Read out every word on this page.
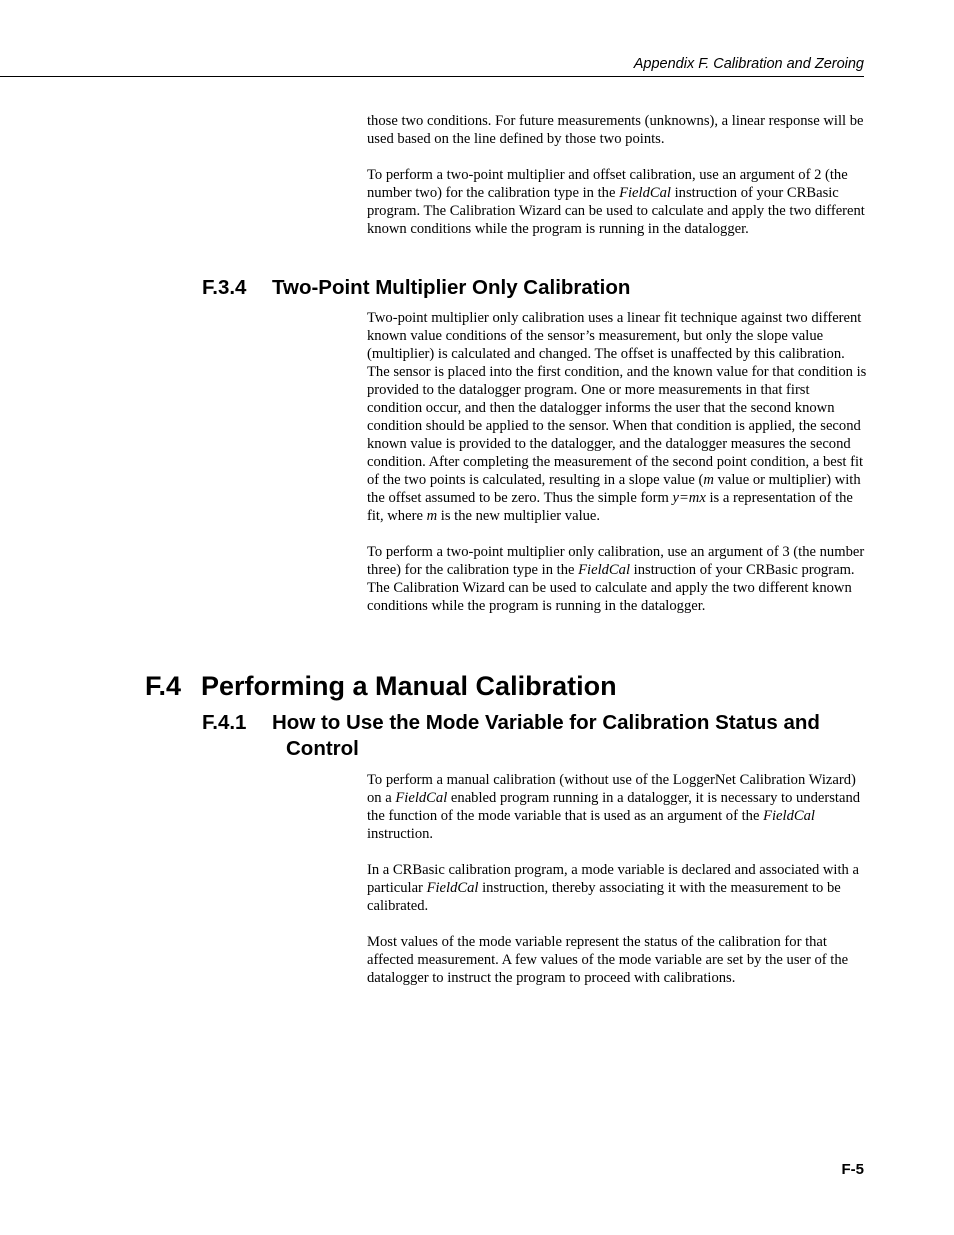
Appendix F. Calibration and Zeroing

those two conditions. For future measurements (unknowns), a linear response will be used based on the line defined by those two points.

To perform a two-point multiplier and offset calibration, use an argument of 2 (the number two) for the calibration type in the FieldCal instruction of your CRBasic program. The Calibration Wizard can be used to calculate and apply the two different known conditions while the program is running in the datalogger.

F.3.4 Two-Point Multiplier Only Calibration

Two-point multiplier only calibration uses a linear fit technique against two different known value conditions of the sensor’s measurement, but only the slope value (multiplier) is calculated and changed. The offset is unaffected by this calibration. The sensor is placed into the first condition, and the known value for that condition is provided to the datalogger program. One or more measurements in that first condition occur, and then the datalogger informs the user that the second known condition should be applied to the sensor. When that condition is applied, the second known value is provided to the datalogger, and the datalogger measures the second condition. After completing the measurement of the second point condition, a best fit of the two points is calculated, resulting in a slope value (m value or multiplier) with the offset assumed to be zero. Thus the simple form y=mx is a representation of the fit, where m is the new multiplier value.

To perform a two-point multiplier only calibration, use an argument of 3 (the number three) for the calibration type in the FieldCal instruction of your CRBasic program. The Calibration Wizard can be used to calculate and apply the two different known conditions while the program is running in the datalogger.

F.4 Performing a Manual Calibration
F.4.1 How to Use the Mode Variable for Calibration Status and
Control

To perform a manual calibration (without use of the LoggerNet Calibration Wizard) on a FieldCal enabled program running in a datalogger, it is necessary to understand the function of the mode variable that is used as an argument of the FieldCal instruction.

In a CRBasic calibration program, a mode variable is declared and associated with a particular FieldCal instruction, thereby associating it with the measurement to be calibrated.

Most values of the mode variable represent the status of the calibration for that affected measurement. A few values of the mode variable are set by the user of the datalogger to instruct the program to proceed with calibrations.

F-5
